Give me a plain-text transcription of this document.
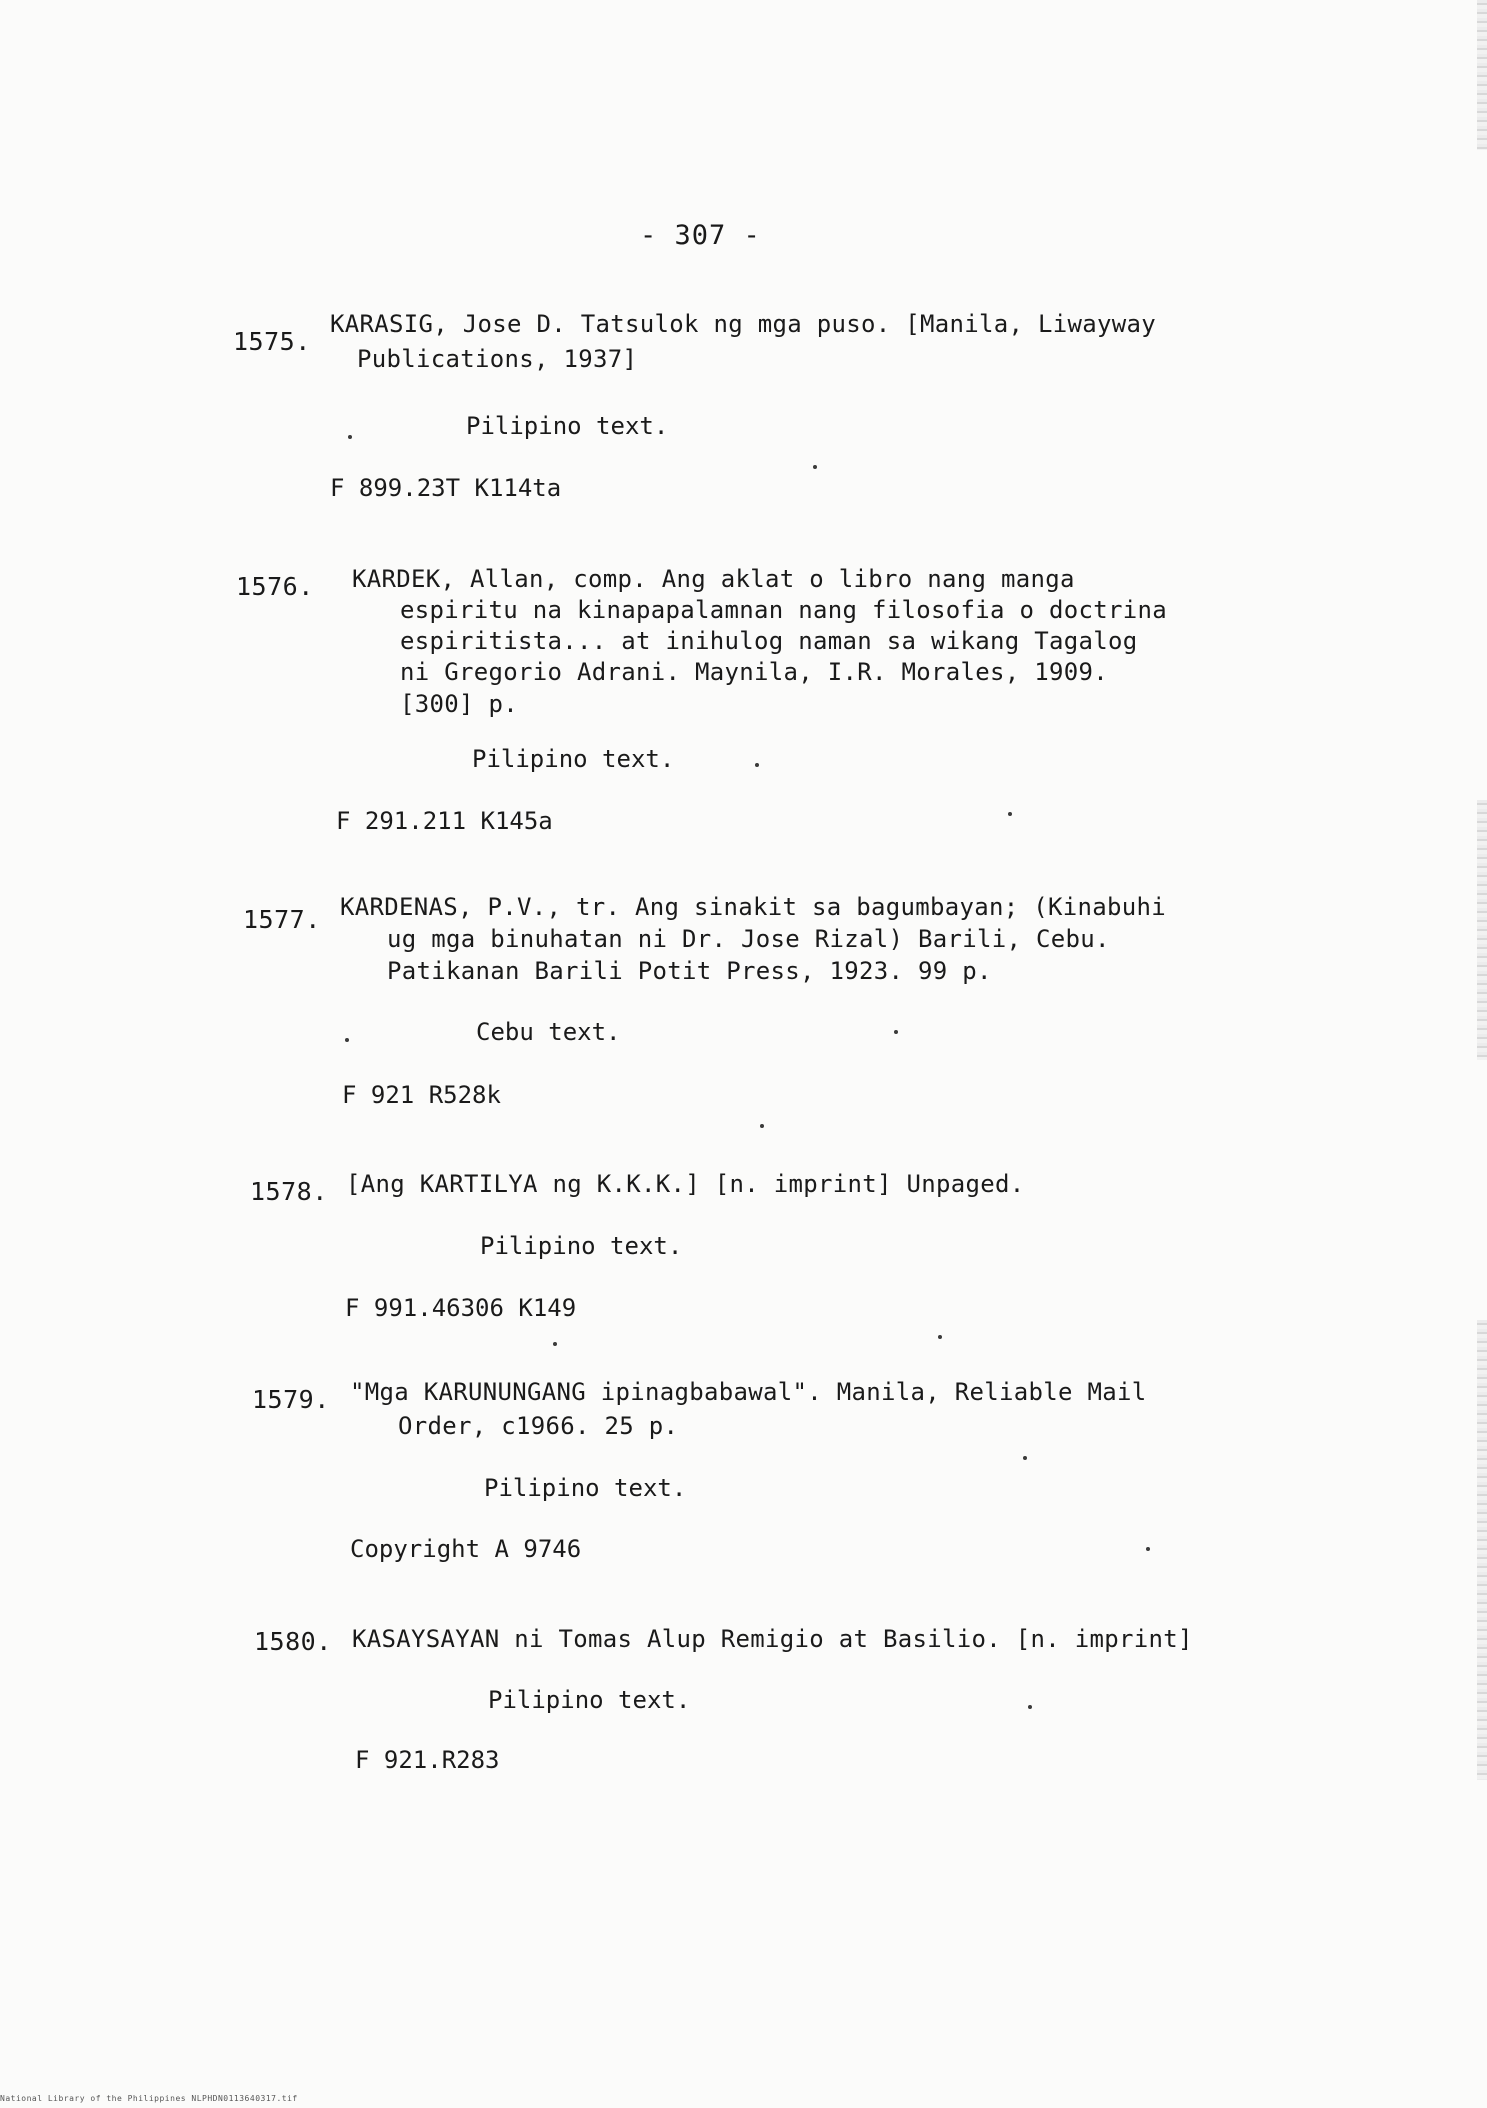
- 307 -
1575.
KARASIG, Jose D. Tatsulok ng mga puso. [Manila, Liwayway
Publications, 1937]
Pilipino text.
F 899.23T K114ta
1576. KARDEK, Allan, comp. Ang aklat o libro nang manga
espiritu na kinapapalamnan nang filosofia o doctrina
espiritista... at inihulog naman sa wikang Tagalog
ni Gregorio Adrani. Maynila, I.R. Morales, 1909.
[300] p.
Pilipino text.
F 291.211 K145a
1577. KARDENAS, P.V., tr. Ang sinakit sa bagumbayan; (Kinabuhi
ug mga binuhatan ni Dr. Jose Rizal) Barili, Cebu.
Patikanan Barili Potit Press, 1923. 99 p.
Cebu text.
F 921 R528k
1578. [Ang KARTILYA ng K.K.K.] [n. imprint] Unpaged.
Pilipino text.
F 991.46306 K149
1579. "Mga KARUNUNGANG ipinagbabawal". Manila, Reliable Mail
Order, c1966. 25 p.
Pilipino text.
Copyright A 9746
1580. KASAYSAYAN ni Tomas Alup Remigio at Basilio. [n. imprint]
Pilipino text.
F 921.R283
National Library of the Philippines NLPHDN0113640317.tif
